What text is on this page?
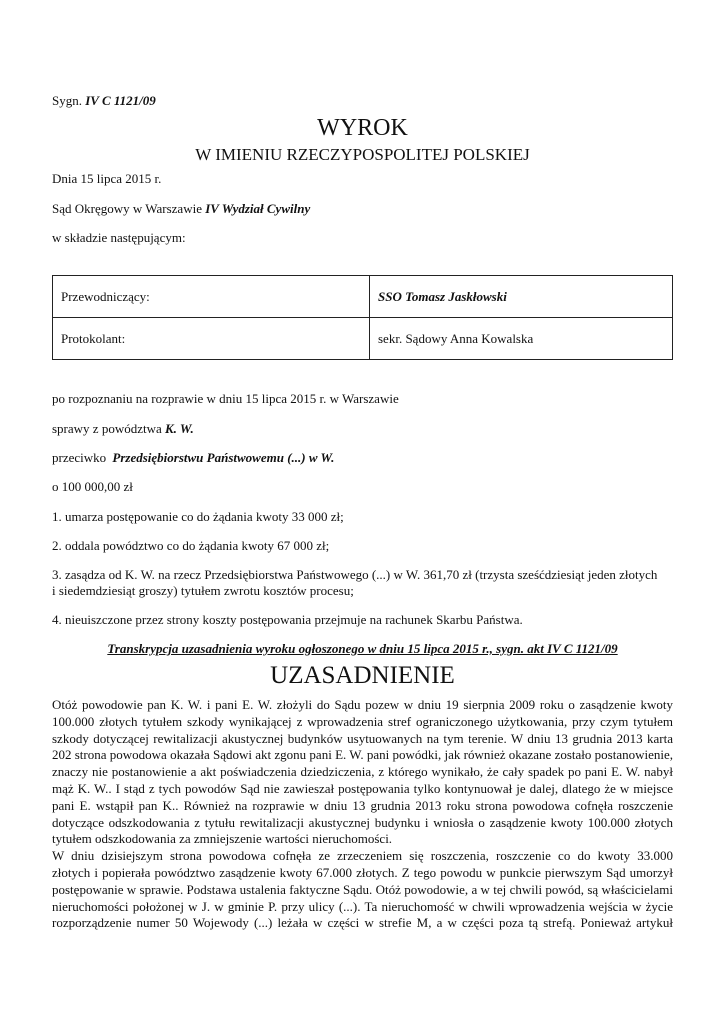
Sygn. IV C 1121/09
WYROK
W IMIENIU RZECZYPOSPOLITEJ POLSKIEJ
Dnia 15 lipca 2015 r.
Sąd Okręgowy w Warszawie IV Wydział Cywilny
w składzie następującym:
Przewodniczący:	SSO Tomasz Jaskłowski
Protokolant:	sekr. Sądowy Anna Kowalska
po rozpoznaniu na rozprawie w dniu 15 lipca 2015 r. w Warszawie
sprawy z powództwa K. W.
przeciwko Przedsiębiorstwu Państwowemu (...) w W.
o 100 000,00 zł
1. umarza postępowanie co do żądania kwoty 33 000 zł;
2. oddala powództwo co do żądania kwoty 67 000 zł;
3. zasądza od K. W. na rzecz Przedsiębiorstwa Państwowego (...) w W. 361,70 zł (trzysta sześćdziesiąt jeden złotych
i siedemdziesiąt groszy) tytułem zwrotu kosztów procesu;
4. nieuiszczone przez strony koszty postępowania przejmuje na rachunek Skarbu Państwa.
Transkrypcja uzasadnienia wyroku ogłoszonego w dniu 15 lipca 2015 r., sygn. akt IV C 1121/09
UZASADNIENIE
Otóż powodowie pan K. W. i pani E. W. złożyli do Sądu pozew w dniu 19 sierpnia 2009 roku o zasądzenie kwoty
100.000 złotych tytułem szkody wynikającej z wprowadzenia stref ograniczonego użytkowania, przy czym tytułem
szkody dotyczącej rewitalizacji akustycznej budynków usytuowanych na tym terenie. W dniu 13 grudnia 2013 karta
202 strona powodowa okazała Sądowi akt zgonu pani E. W. pani powódki, jak również okazane zostało postanowienie,
znaczy nie postanowienie a akt poświadczenia dziedziczenia, z którego wynikało, że cały spadek po pani E. W. nabył
mąż K. W.. I stąd z tych powodów Sąd nie zawieszał postępowania tylko kontynuował je dalej, dlatego że w miejsce
pani E. wstąpił pan K.. Również na rozprawie w dniu 13 grudnia 2013 roku strona powodowa cofnęła roszczenie
dotyczące odszkodowania z tytułu rewitalizacji akustycznej budynku i wniosła o zasądzenie kwoty 100.000 złotych
tytułem odszkodowania za zmniejszenie wartości nieruchomości.
W dniu dzisiejszym strona powodowa cofnęła ze zrzeczeniem się roszczenia, roszczenie co do kwoty 33.000
złotych i popierała powództwo zasądzenie kwoty 67.000 złotych. Z tego powodu w punkcie pierwszym Sąd umorzył
postępowanie w sprawie. Podstawa ustalenia faktyczne Sądu. Otóż powodowie, a w tej chwili powód, są właścicielami
nieruchomości położonej w J. w gminie P. przy ulicy (...). Ta nieruchomość w chwili wprowadzenia wejścia w życie
rozporządzenie numer 50 Wojewody (...) leżała w części w strefie M, a w części poza tą strefą. Ponieważ artykuł
